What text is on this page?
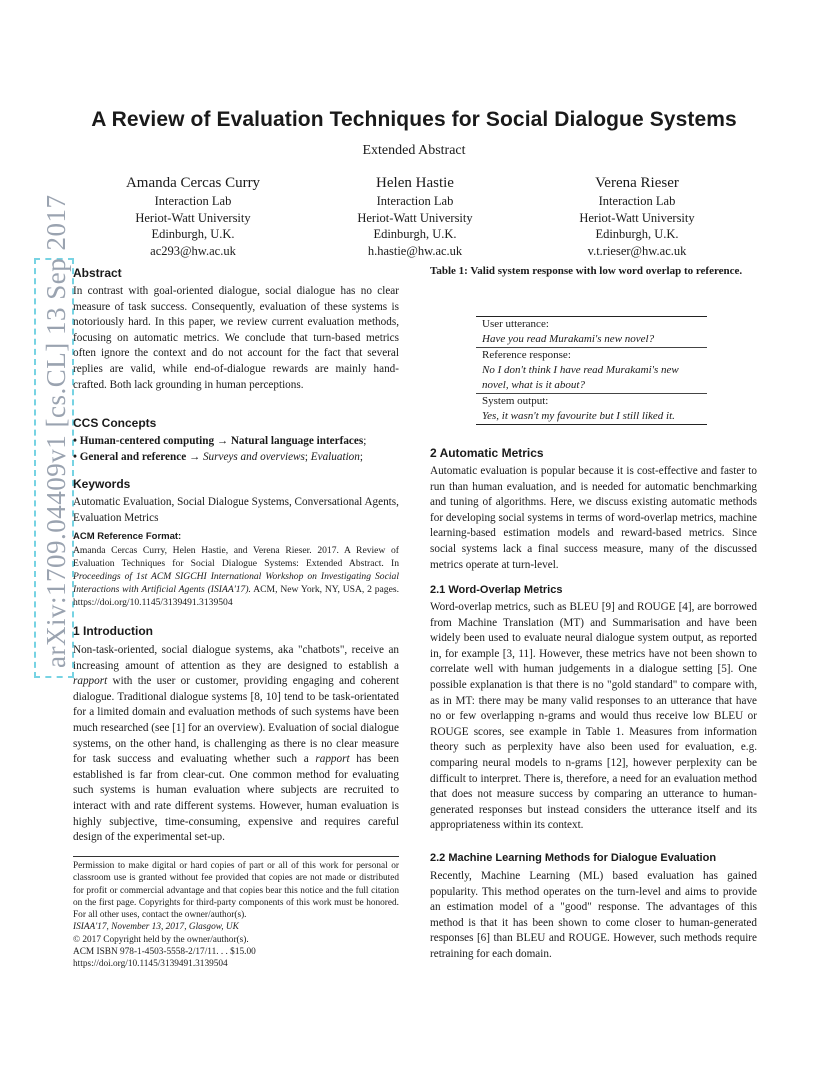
arXiv:1709.04409v1 [cs.CL] 13 Sep 2017
A Review of Evaluation Techniques for Social Dialogue Systems
Extended Abstract
Amanda Cercas Curry
Interaction Lab
Heriot-Watt University
Edinburgh, U.K.
ac293@hw.ac.uk
Helen Hastie
Interaction Lab
Heriot-Watt University
Edinburgh, U.K.
h.hastie@hw.ac.uk
Verena Rieser
Interaction Lab
Heriot-Watt University
Edinburgh, U.K.
v.t.rieser@hw.ac.uk
Abstract
In contrast with goal-oriented dialogue, social dialogue has no clear measure of task success. Consequently, evaluation of these systems is notoriously hard. In this paper, we review current evaluation methods, focusing on automatic metrics. We conclude that turn-based metrics often ignore the context and do not account for the fact that several replies are valid, while end-of-dialogue rewards are mainly hand-crafted. Both lack grounding in human perceptions.
CCS Concepts
• Human-centered computing → Natural language interfaces;
• General and reference → Surveys and overviews; Evaluation;
Keywords
Automatic Evaluation, Social Dialogue Systems, Conversational Agents, Evaluation Metrics
ACM Reference Format:
Amanda Cercas Curry, Helen Hastie, and Verena Rieser. 2017. A Review of Evaluation Techniques for Social Dialogue Systems: Extended Abstract. In Proceedings of 1st ACM SIGCHI International Workshop on Investigating Social Interactions with Artificial Agents (ISIAA'17). ACM, New York, NY, USA, 2 pages. https://doi.org/10.1145/3139491.3139504
1 Introduction
Non-task-oriented, social dialogue systems, aka "chatbots", receive an increasing amount of attention as they are designed to establish a rapport with the user or customer, providing engaging and coherent dialogue. Traditional dialogue systems [8, 10] tend to be task-orientated for a limited domain and evaluation methods of such systems have been much researched (see [1] for an overview). Evaluation of social dialogue systems, on the other hand, is challenging as there is no clear measure for task success and evaluating whether such a rapport has been established is far from clear-cut. One common method for evaluating such systems is human evaluation where subjects are recruited to interact with and rate different systems. However, human evaluation is highly subjective, time-consuming, expensive and requires careful design of the experimental set-up.
Permission to make digital or hard copies of part or all of this work for personal or classroom use is granted without fee provided that copies are not made or distributed for profit or commercial advantage and that copies bear this notice and the full citation on the first page. Copyrights for third-party components of this work must be honored. For all other uses, contact the owner/author(s).
ISIAA'17, November 13, 2017, Glasgow, UK
© 2017 Copyright held by the owner/author(s).
ACM ISBN 978-1-4503-5558-2/17/11. . . $15.00
https://doi.org/10.1145/3139491.3139504
Table 1: Valid system response with low word overlap to reference.
User utterance:
Have you read Murakami's new novel?
Reference response:
No I don't think I have read Murakami's new novel, what is it about?
System output:
Yes, it wasn't my favourite but I still liked it.
2 Automatic Metrics
Automatic evaluation is popular because it is cost-effective and faster to run than human evaluation, and is needed for automatic benchmarking and tuning of algorithms. Here, we discuss existing automatic methods for developing social systems in terms of word-overlap metrics, machine learning-based estimation models and reward-based metrics. Since social systems lack a final success measure, many of the discussed metrics operate at turn-level.
2.1 Word-Overlap Metrics
Word-overlap metrics, such as BLEU [9] and ROUGE [4], are borrowed from Machine Translation (MT) and Summarisation and have been widely been used to evaluate neural dialogue system output, as reported in, for example [3, 11]. However, these metrics have not been shown to correlate well with human judgements in a dialogue setting [5]. One possible explanation is that there is no "gold standard" to compare with, as in MT: there may be many valid responses to an utterance that have no or few overlapping n-grams and would thus receive low BLEU or ROUGE scores, see example in Table 1. Measures from information theory such as perplexity have also been used for evaluation, e.g. comparing neural models to n-grams [12], however perplexity can be difficult to interpret. There is, therefore, a need for an evaluation method that does not measure success by comparing an utterance to human-generated responses but instead considers the utterance itself and its appropriateness within its context.
2.2 Machine Learning Methods for Dialogue Evaluation
Recently, Machine Learning (ML) based evaluation has gained popularity. This method operates on the turn-level and aims to provide an estimation model of a "good" response. The advantages of this method is that it has been shown to come closer to human-generated responses [6] than BLEU and ROUGE. However, such methods require retraining for each domain.
